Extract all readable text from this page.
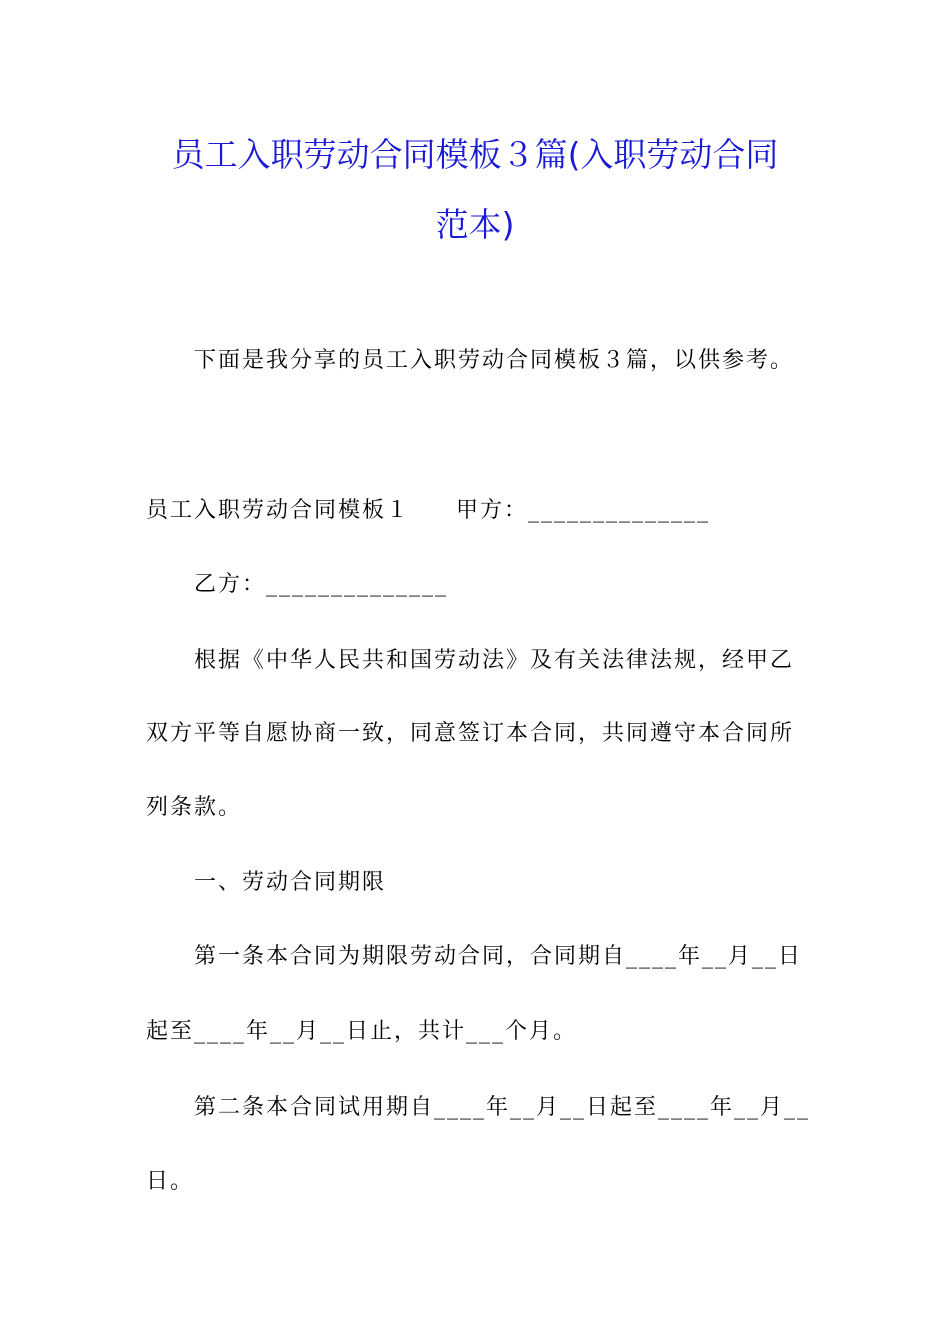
员工入职劳动合同模板３篇(入职劳动合同
范本)
下面是我分享的员工入职劳动合同模板３篇，以供参考。
员工入职劳动合同模板１ 甲方：______________
乙方：______________
根据《中华人民共和国劳动法》及有关法律法规，经甲乙
双方平等自愿协商一致，同意签订本合同，共同遵守本合同所
列条款。
一、劳动合同期限
第一条本合同为期限劳动合同，合同期自____年__月__日
起至____年__月__日止，共计___个月。
第二条本合同试用期自____年__月__日起至____年__月__
日。
